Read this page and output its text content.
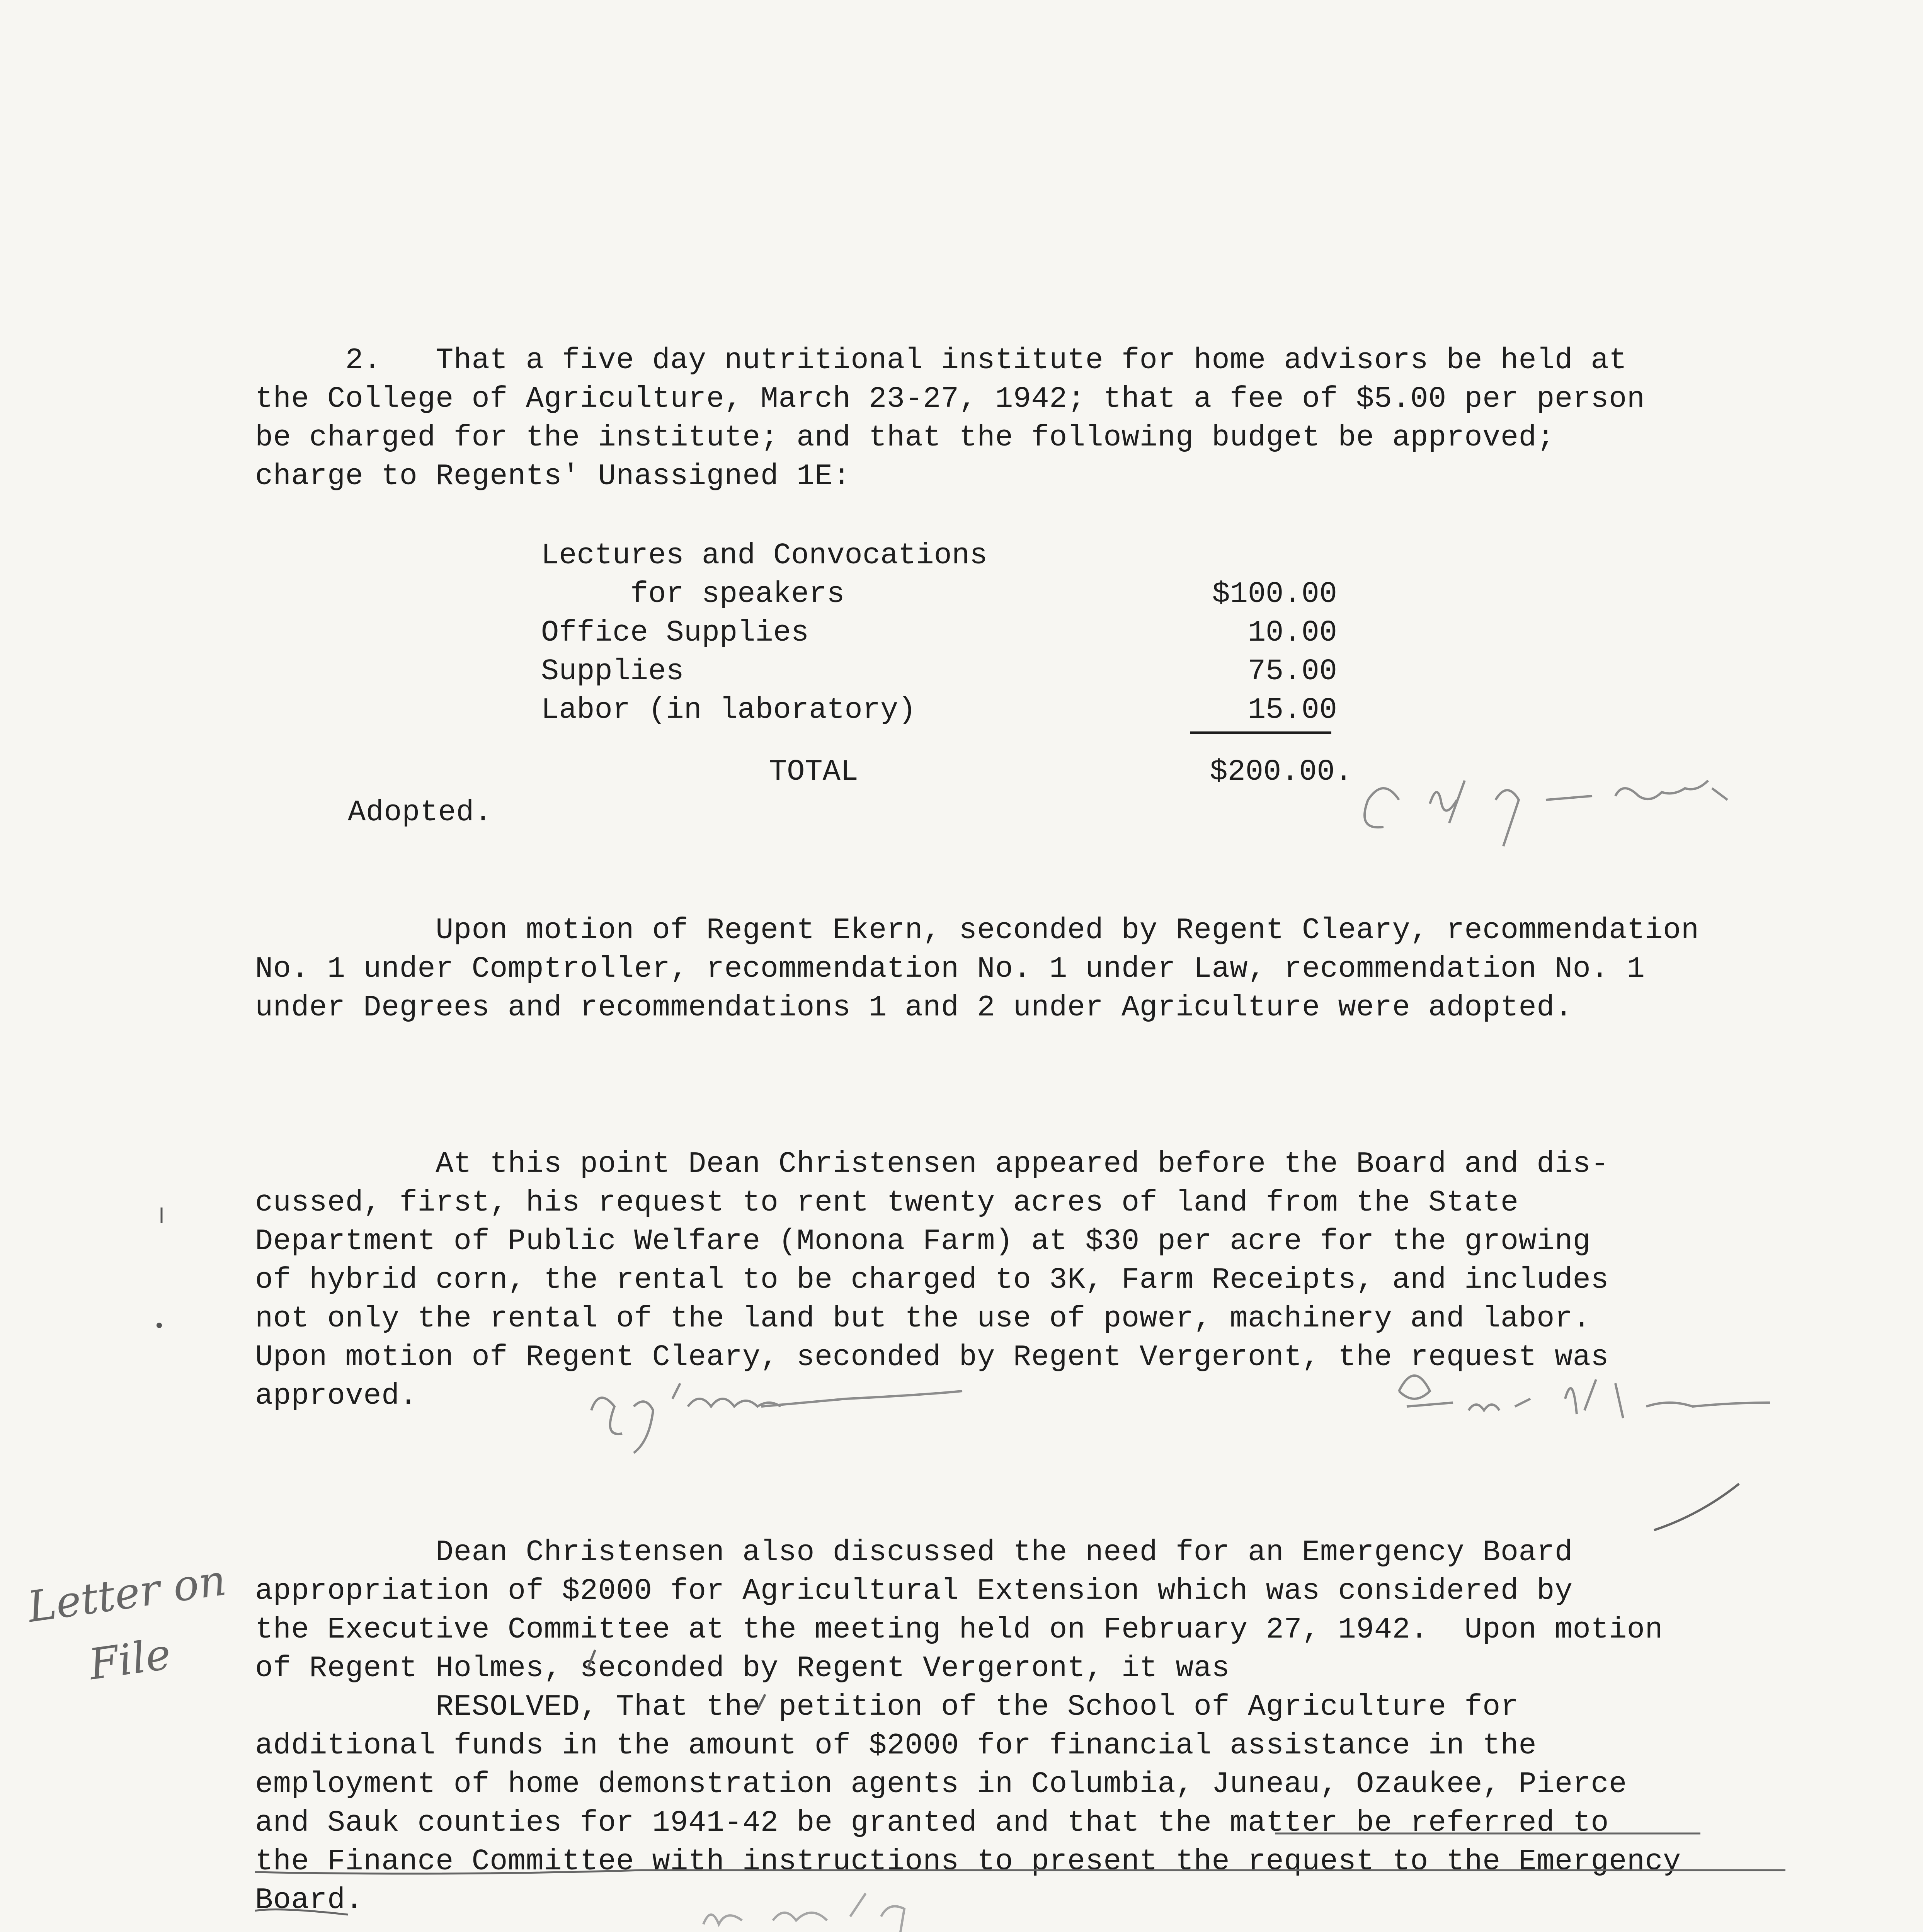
2.   That a five day nutritional institute for home advisors be held at
the College of Agriculture, March 23-27, 1942; that a fee of $5.00 per person
be charged for the institute; and that the following budget be approved;
charge to Regents' Unassigned 1E:
Lectures and Convocations
for speakers	$100.00
Office Supplies	10.00
Supplies	75.00
Labor (in laboratory)	15.00
TOTAL	$200.00.
Adopted.
Upon motion of Regent Ekern, seconded by Regent Cleary, recommendation
No. 1 under Comptroller, recommendation No. 1 under Law, recommendation No. 1
under Degrees and recommendations 1 and 2 under Agriculture were adopted.
At this point Dean Christensen appeared before the Board and dis-
cussed, first, his request to rent twenty acres of land from the State
Department of Public Welfare (Monona Farm) at $30 per acre for the growing
of hybrid corn, the rental to be charged to 3K, Farm Receipts, and includes
not only the rental of the land but the use of power, machinery and labor.
Upon motion of Regent Cleary, seconded by Regent Vergeront, the request was
approved.
Dean Christensen also discussed the need for an Emergency Board
appropriation of $2000 for Agricultural Extension which was considered by
the Executive Committee at the meeting held on February 27, 1942.  Upon motion
of Regent Holmes, seconded by Regent Vergeront, it was
RESOLVED, That the petition of the School of Agriculture for
additional funds in the amount of $2000 for financial assistance in the
employment of home demonstration agents in Columbia, Juneau, Ozaukee, Pierce
and Sauk counties for 1941-42 be granted and that the matter be referred to
the Finance Committee with instructions to present the request to the Emergency
Board.
Letter on
File
